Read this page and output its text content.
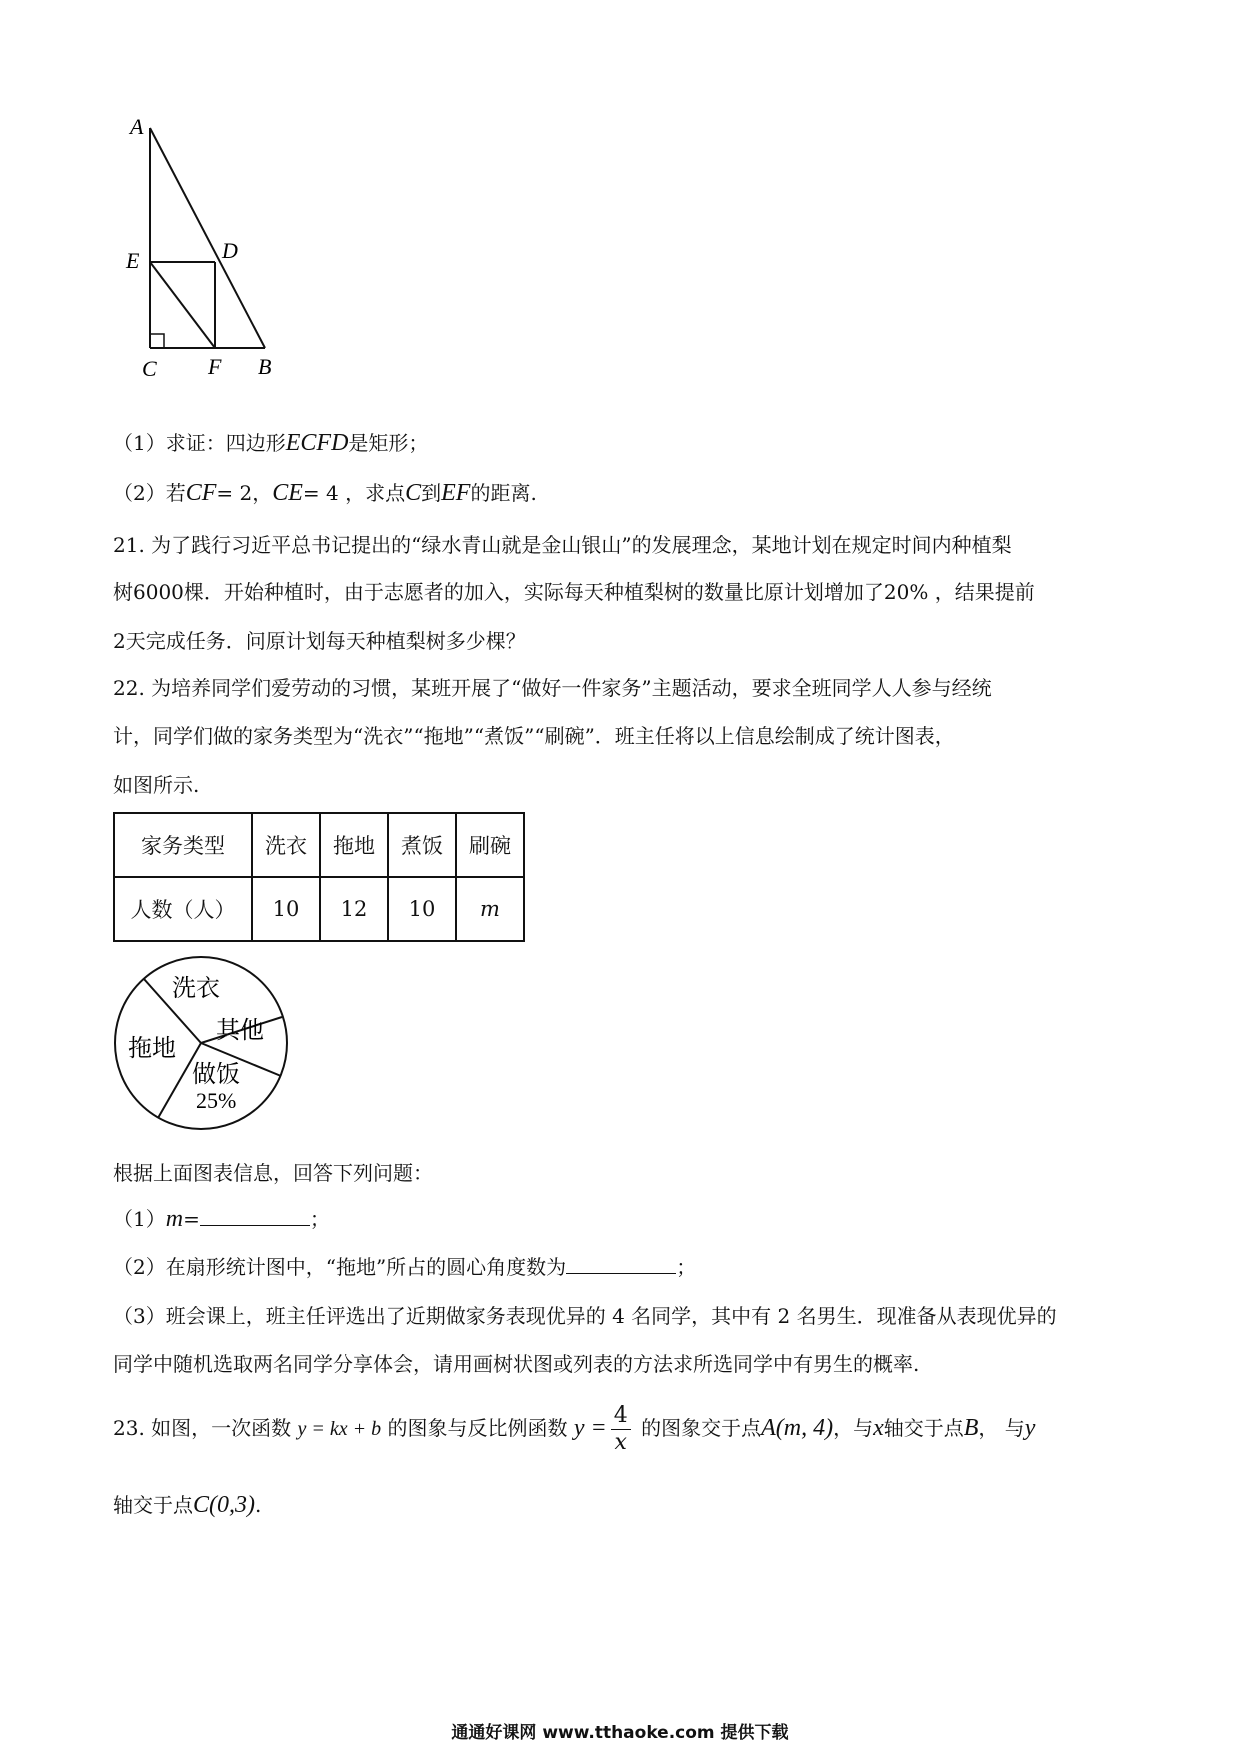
A
E	D
C F B
（1）求证：四边形ECFD是矩形；
（2）若CF= 2，CE= 4 ，求点C到EF的距离.
21. 为了践行习近平总书记提出的“绿水青山就是金山银山”的发展理念，某地计划在规定时间内种植梨
树6000棵．开始种植时，由于志愿者的加入，实际每天种植梨树的数量比原计划增加了20% ，结果提前
2天完成任务．问原计划每天种植梨树多少棵？
22. 为培养同学们爱劳动的习惯，某班开展了“做好一件家务”主题活动，要求全班同学人人参与经统
计，同学们做的家务类型为“洗衣”“拖地”“煮饭”“刷碗”．班主任将以上信息绘制成了统计图表，
如图所示.
家务类型	洗衣	拖地	煮饭	刷碗
人数（人）	10	12	10	m
洗衣
其他
拖地
做饭
25%
根据上面图表信息，回答下列问题：
（1）m=	；
（2）在扇形统计图中，“拖地”所占的圆心角度数为	；
（3）班会课上，班主任评选出了近期做家务表现优异的 4 名同学，其中有 2 名男生．现准备从表现优异的
同学中随机选取两名同学分享体会，请用画树状图或列表的方法求所选同学中有男生的概率.
23. 如图，一次函数 y = kx + b 的图象与反比例函数 $y = \frac{4}{x}$ 的图象交于点A(m, 4)，与x轴交于点B， 与y
轴交于点C(0,3).
通通好课网 www.tthaoke.com 提供下载
